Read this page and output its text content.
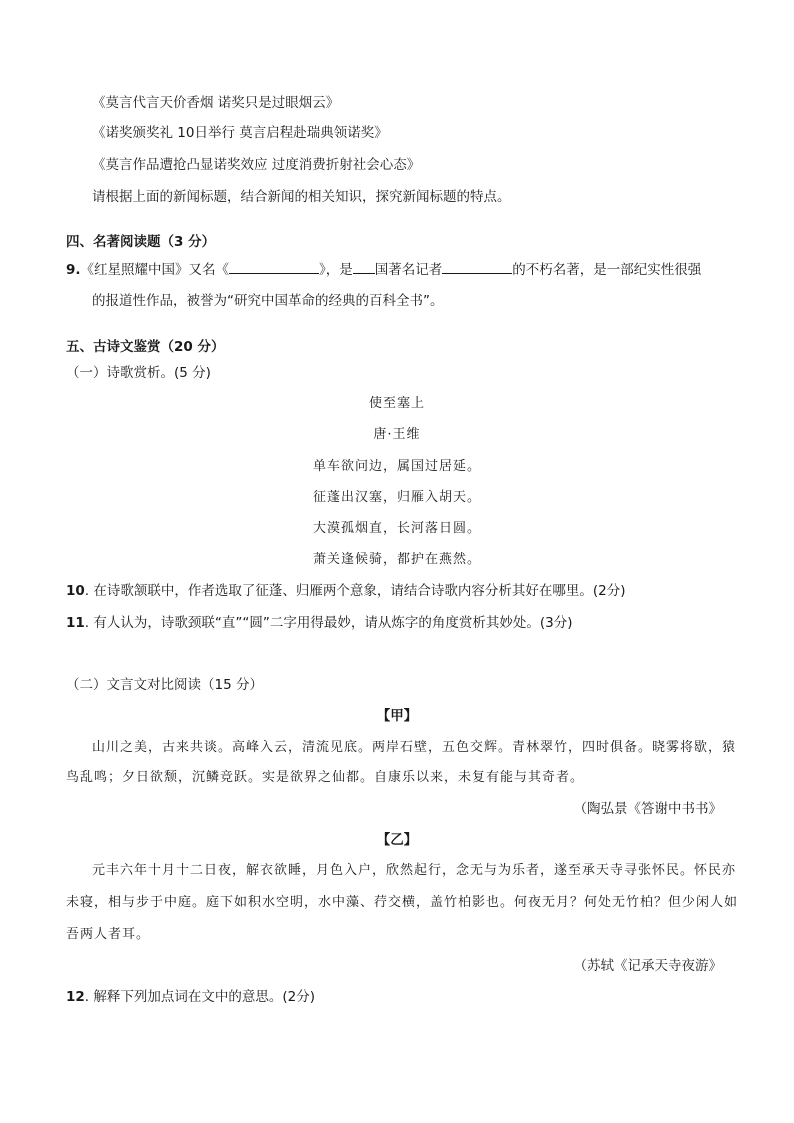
《莫言代言天价香烟 诺奖只是过眼烟云》
《诺奖颁奖礼 10日举行 莫言启程赴瑞典领诺奖》
《莫言作品遭抢凸显诺奖效应 过度消费折射社会心态》
请根据上面的新闻标题，结合新闻的相关知识，探究新闻标题的特点。
四、名著阅读题（3 分）
9.《红星照耀中国》又名《	》，是 国著名记者	的不朽名著，是一部纪实性很强
的报道性作品，被誉为“研究中国革命的经典的百科全书”。
五、古诗文鉴赏（20 分）
（一）诗歌赏析。(5 分)
使至塞上
唐·王维
单车欲问边，属国过居延。
征蓬出汉塞，归雁入胡天。
大漠孤烟直，长河落日圆。
萧关逢候骑，都护在燕然。
10. 在诗歌颔联中，作者选取了征蓬、归雁两个意象，请结合诗歌内容分析其好在哪里。(2分)
11. 有人认为，诗歌颈联“直”“圆”二字用得最妙，请从炼字的角度赏析其妙处。(3分)
（二）文言文对比阅读（15 分）
【甲】
山川之美，古来共谈。高峰入云，清流见底。两岸石壁，五色交辉。青林翠竹，四时俱备。晓雾将歇，猿
鸟乱鸣；夕日欲颓，沉鳞竞跃。实是欲界之仙都。自康乐以来，未复有能与其奇者。
（陶弘景《答谢中书书》
【乙】
元丰六年十月十二日夜，解衣欲睡，月色入户，欣然起行，念无与为乐者，遂至承天寺寻张怀民。怀民亦
未寝，相与步于中庭。庭下如积水空明，水中藻、荇交横，盖竹柏影也。何夜无月？何处无竹柏？但少闲人如
吾两人者耳。
（苏轼《记承天寺夜游》
12. 解释下列加点词在文中的意思。(2分)
